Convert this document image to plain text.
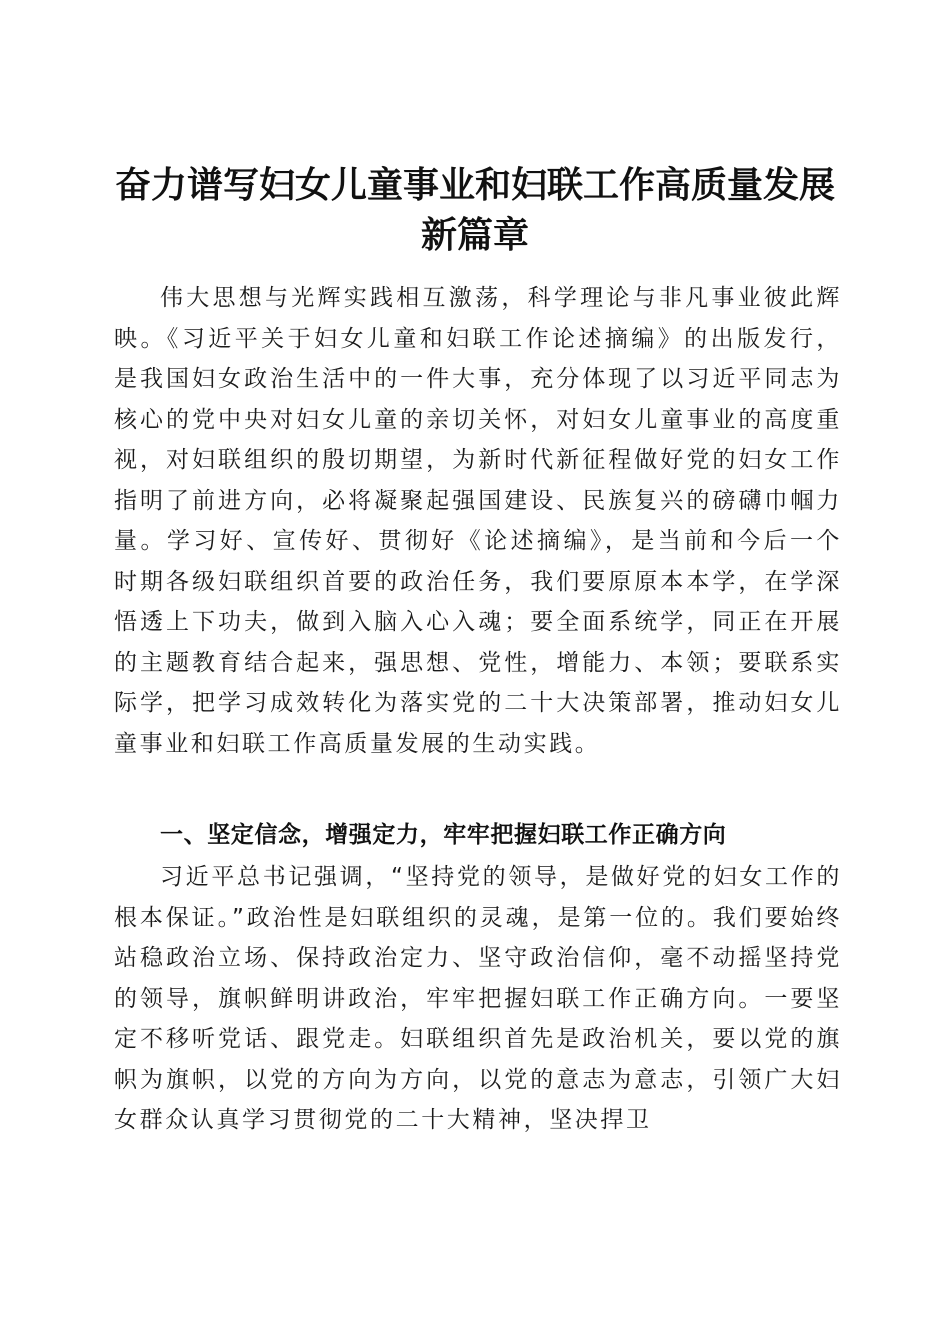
奋力谱写妇女儿童事业和妇联工作高质量发展
新篇章

伟大思想与光辉实践相互激荡，科学理论与非凡事业彼此辉映。《习近平关于妇女儿童和妇联工作论述摘编》的出版发行，是我国妇女政治生活中的一件大事，充分体现了以习近平同志为核心的党中央对妇女儿童的亲切关怀，对妇女儿童事业的高度重视，对妇联组织的殷切期望，为新时代新征程做好党的妇女工作指明了前进方向，必将凝聚起强国建设、民族复兴的磅礴巾帼力量。学习好、宣传好、贯彻好《论述摘编》，是当前和今后一个时期各级妇联组织首要的政治任务，我们要原原本本学，在学深悟透上下功夫，做到入脑入心入魂；要全面系统学，同正在开展的主题教育结合起来，强思想、党性，增能力、本领；要联系实际学，把学习成效转化为落实党的二十大决策部署，推动妇女儿童事业和妇联工作高质量发展的生动实践。

一、坚定信念，增强定力，牢牢把握妇联工作正确方向

习近平总书记强调，“坚持党的领导，是做好党的妇女工作的根本保证。”政治性是妇联组织的灵魂，是第一位的。我们要始终站稳政治立场、保持政治定力、坚守政治信仰，毫不动摇坚持党的领导，旗帜鲜明讲政治，牢牢把握妇联工作正确方向。一要坚定不移听党话、跟党走。妇联组织首先是政治机关，要以党的旗帜为旗帜，以党的方向为方向，以党的意志为意志，引领广大妇女群众认真学习贯彻党的二十大精神，坚决捍卫
